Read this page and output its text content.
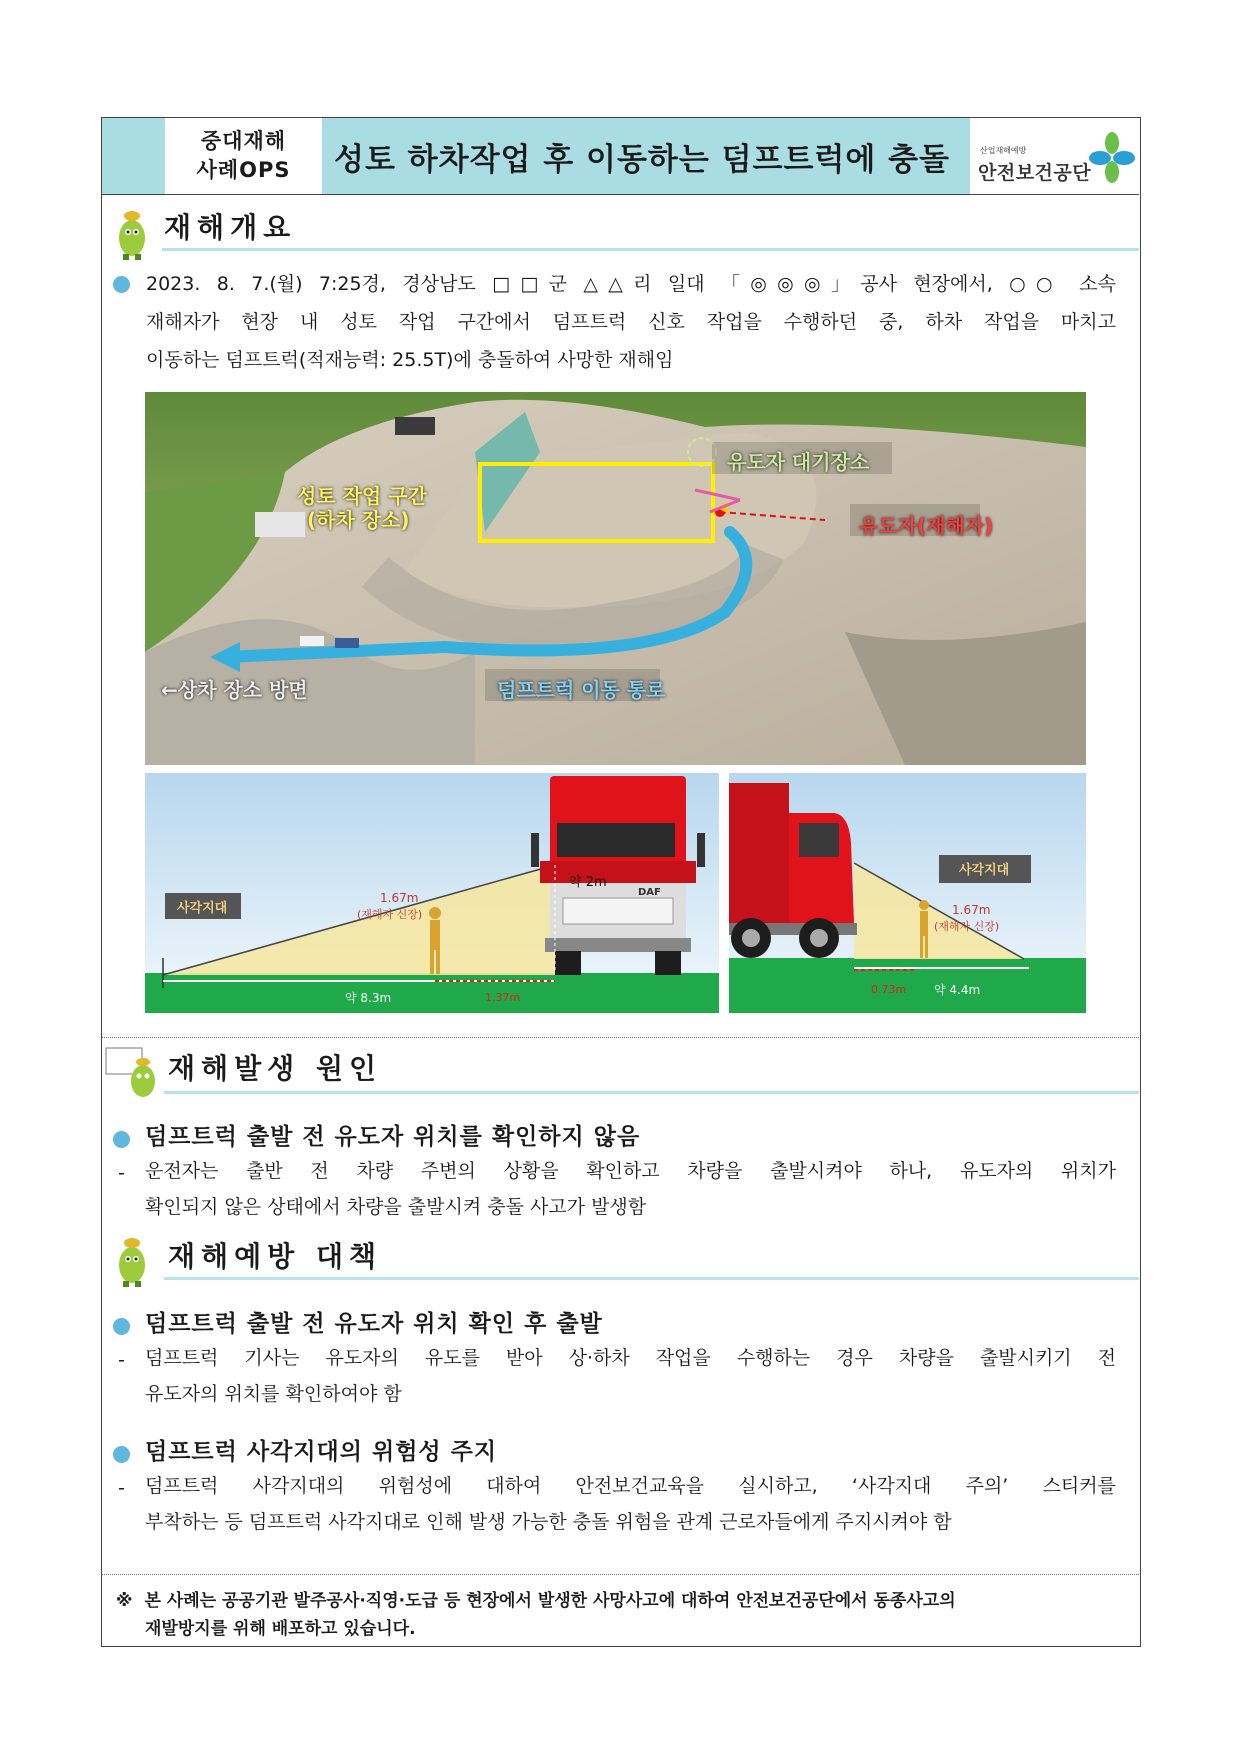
중대재해
사례OPS	성토 하차작업 후 이동하는 덤프트럭에 충돌	산업재해예방
안전보건공단
재해개요
2023. 8. 7.(월) 7:25경, 경상남도 □□군 △△리 일대 「◎◎◎」공사 현장에서, ○○ 소속
재해자가 현장 내 성토 작업 구간에서 덤프트럭 신호 작업을 수행하던 중, 하차 작업을 마치고
이동하는 덤프트럭(적재능력: 25.5T)에 충돌하여 사망한 재해임
재해발생 원인
덤프트럭 출발 전 유도자 위치를 확인하지 않음
- 운전자는 출반 전 차량 주변의 상황을 확인하고 차량을 출발시켜야 하나, 유도자의 위치가
확인되지 않은 상태에서 차량을 출발시켜 충돌 사고가 발생함
재해예방 대책
덤프트럭 출발 전 유도자 위치 확인 후 출발
- 덤프트럭 기사는 유도자의 유도를 받아 상·하차 작업을 수행하는 경우 차량을 출발시키기 전
유도자의 위치를 확인하여야 함
덤프트럭 사각지대의 위험성 주지
- 덤프트럭 사각지대의 위험성에 대하여 안전보건교육을 실시하고, ‘사각지대 주의’ 스티커를
부착하는 등 덤프트럭 사각지대로 인해 발생 가능한 충돌 위험을 관계 근로자들에게 주지시켜야 함
※ 본 사례는 공공기관 발주공사·직영·도급 등 현장에서 발생한 사망사고에 대하여 안전보건공단에서 동종사고의
재발방지를 위해 배포하고 있습니다.
성토 작업 구간
(하차 장소)
유도자 대기장소
유도자(재해자)
덤프트럭 이동 통로
←상차 장소 방면
사각지대
1.67m
(재해자 신장)
약 2m
DAF
약 8.3m	1.37m
사각지대
1.67m
(재해자 신장)
0.73m 약 4.4m
